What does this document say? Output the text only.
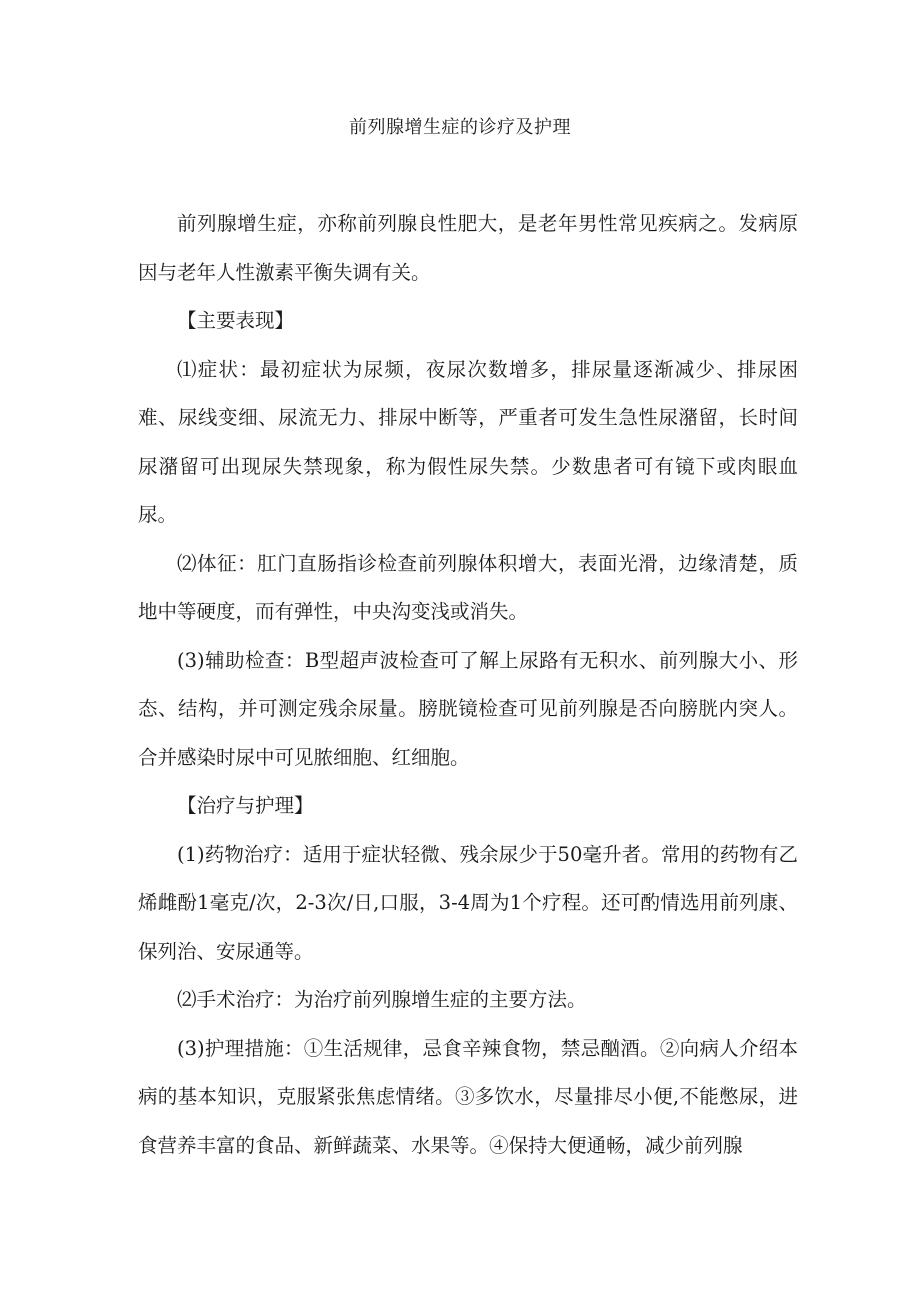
前列腺增生症的诊疗及护理

前列腺增生症，亦称前列腺良性肥大，是老年男性常见疾病之。发病原因与老年人性激素平衡失调有关。

【主要表现】

⑴症状：最初症状为尿频，夜尿次数增多，排尿量逐渐减少、排尿困难、尿线变细、尿流无力、排尿中断等，严重者可发生急性尿潴留，长时间尿潴留可出现尿失禁现象，称为假性尿失禁。少数患者可有镜下或肉眼血尿。

⑵体征：肛门直肠指诊检查前列腺体积增大，表面光滑，边缘清楚，质地中等硬度，而有弹性，中央沟变浅或消失。

(3)辅助检查：B型超声波检查可了解上尿路有无积水、前列腺大小、形态、结构，并可测定残余尿量。膀胱镜检查可见前列腺是否向膀胱内突人。合并感染时尿中可见脓细胞、红细胞。

【治疗与护理】

(1)药物治疗：适用于症状轻微、残余尿少于50毫升者。常用的药物有乙烯雌酚1毫克/次，2-3次/日,口服，3-4周为1个疗程。还可酌情选用前列康、保列治、安尿通等。

⑵手术治疗：为治疗前列腺增生症的主要方法。

(3)护理措施：①生活规律，忌食辛辣食物，禁忌酗酒。②向病人介绍本病的基本知识，克服紧张焦虑情绪。③多饮水，尽量排尽小便,不能憋尿，进食营养丰富的食品、新鲜蔬菜、水果等。④保持大便通畅，减少前列腺
